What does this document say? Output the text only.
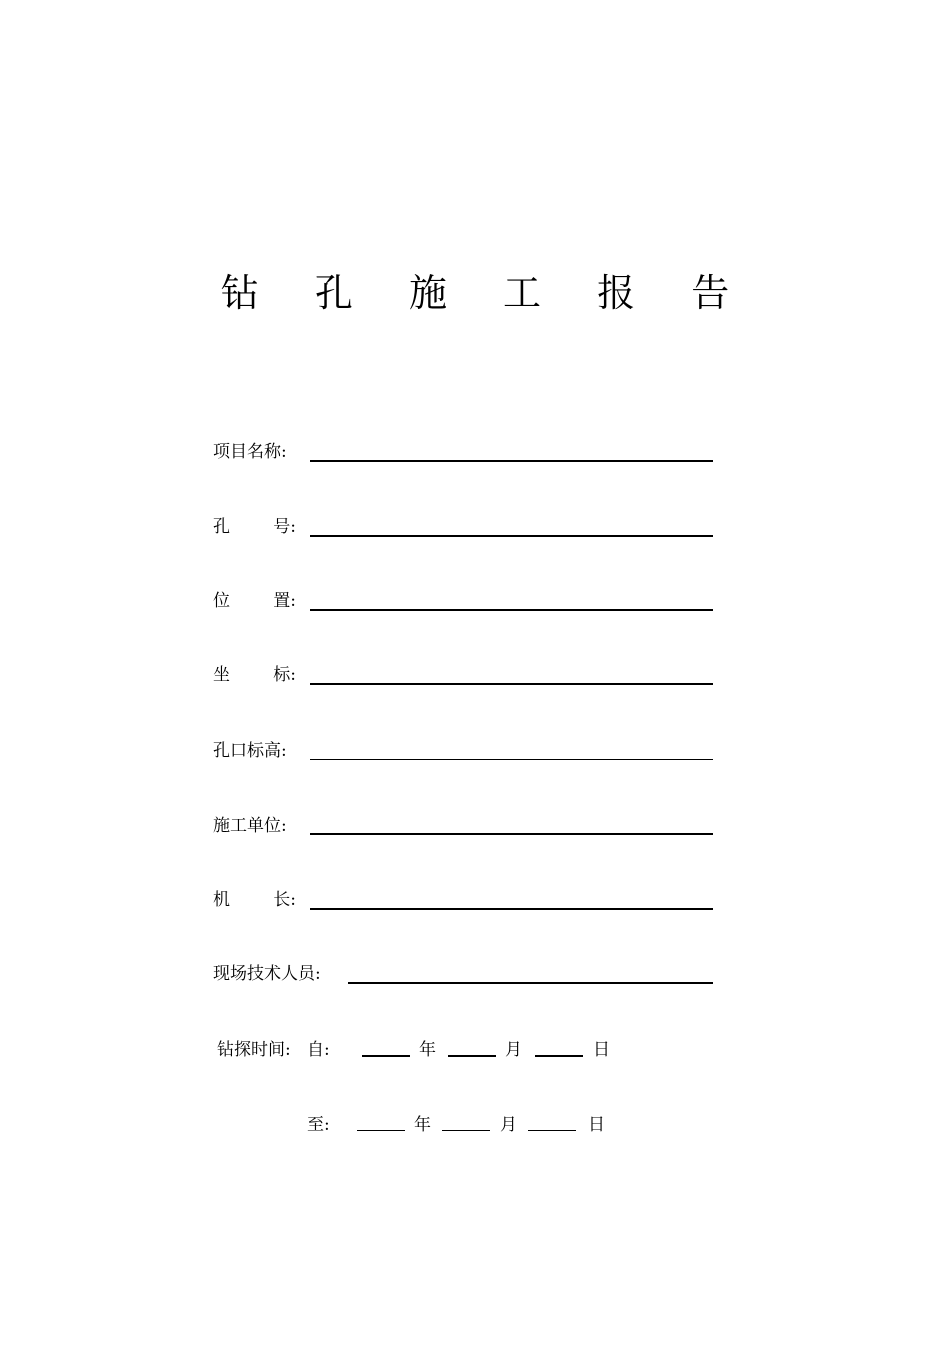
钻 孔 施 工 报 告
项目名称:
孔        号:
位        置:
坐        标:
孔口标高:
施工单位:
机        长:
现场技术人员:
钻探时间: 自:	年	月	日
至:	年	月	日
